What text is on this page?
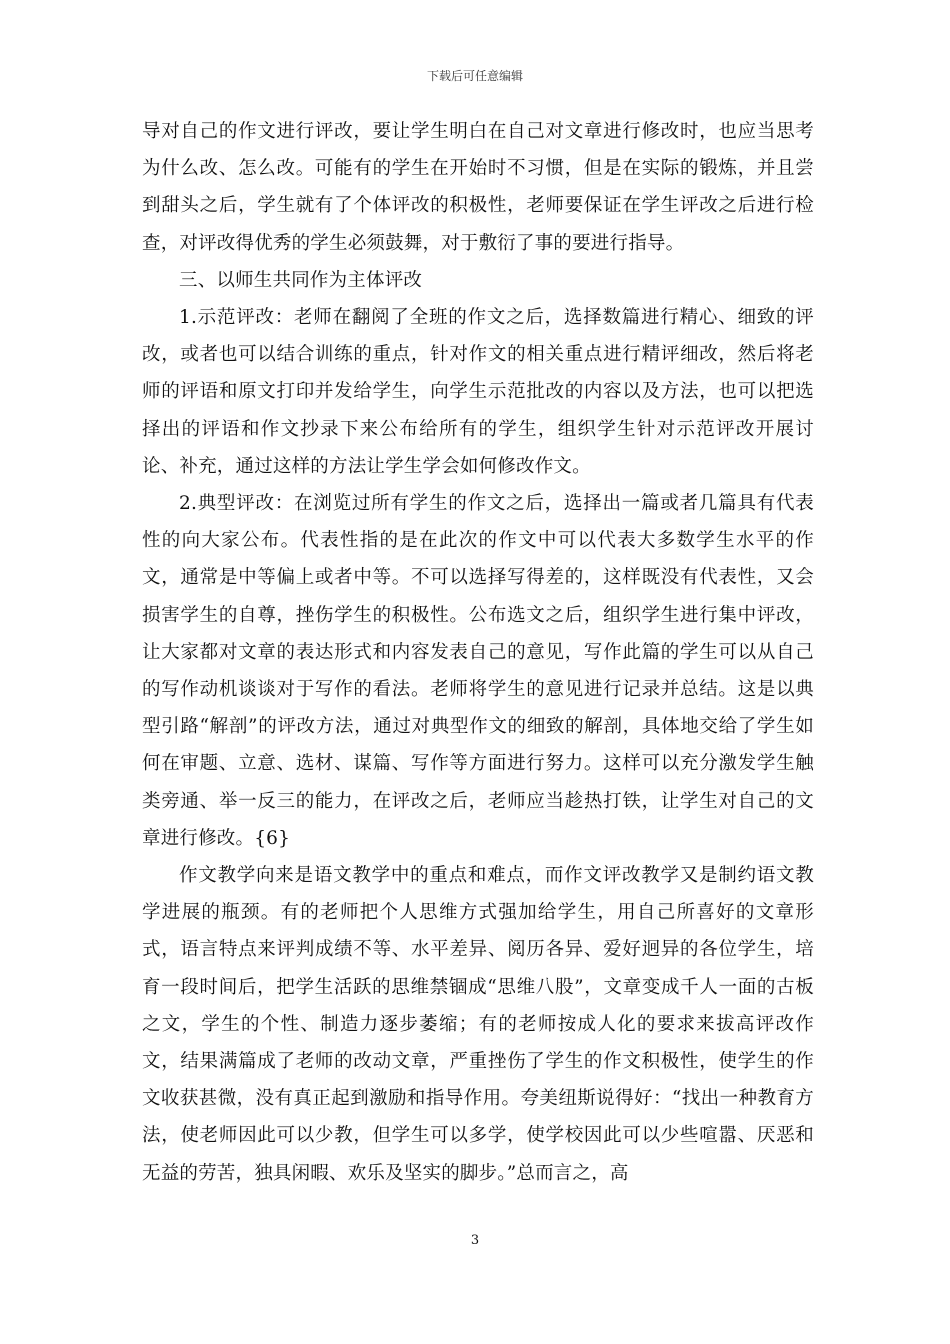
下载后可任意编辑

导对自己的作文进行评改，要让学生明白在自己对文章进行修改时，也应当思考为什么改、怎么改。可能有的学生在开始时不习惯，但是在实际的锻炼，并且尝到甜头之后，学生就有了个体评改的积极性，老师要保证在学生评改之后进行检查，对评改得优秀的学生必须鼓舞，对于敷衍了事的要进行指导。

三、以师生共同作为主体评改

1.示范评改：老师在翻阅了全班的作文之后，选择数篇进行精心、细致的评改，或者也可以结合训练的重点，针对作文的相关重点进行精评细改，然后将老师的评语和原文打印并发给学生，向学生示范批改的内容以及方法，也可以把选择出的评语和作文抄录下来公布给所有的学生，组织学生针对示范评改开展讨论、补充，通过这样的方法让学生学会如何修改作文。

2.典型评改：在浏览过所有学生的作文之后，选择出一篇或者几篇具有代表性的向大家公布。代表性指的是在此次的作文中可以代表大多数学生水平的作文，通常是中等偏上或者中等。不可以选择写得差的，这样既没有代表性，又会损害学生的自尊，挫伤学生的积极性。公布选文之后，组织学生进行集中评改，让大家都对文章的表达形式和内容发表自己的意见，写作此篇的学生可以从自己的写作动机谈谈对于写作的看法。老师将学生的意见进行记录并总结。这是以典型引路“解剖”的评改方法，通过对典型作文的细致的解剖，具体地交给了学生如何在审题、立意、选材、谋篇、写作等方面进行努力。这样可以充分激发学生触类旁通、举一反三的能力，在评改之后，老师应当趁热打铁，让学生对自己的文章进行修改。{6}

作文教学向来是语文教学中的重点和难点，而作文评改教学又是制约语文教学进展的瓶颈。有的老师把个人思维方式强加给学生，用自己所喜好的文章形式，语言特点来评判成绩不等、水平差异、阅历各异、爱好迥异的各位学生，培育一段时间后，把学生活跃的思维禁锢成“思维八股”，文章变成千人一面的古板之文，学生的个性、制造力逐步萎缩；有的老师按成人化的要求来拔高评改作文，结果满篇成了老师的改动文章，严重挫伤了学生的作文积极性，使学生的作文收获甚微，没有真正起到激励和指导作用。夸美纽斯说得好：“找出一种教育方法，使老师因此可以少教，但学生可以多学，使学校因此可以少些喧嚣、厌恶和无益的劳苦，独具闲暇、欢乐及坚实的脚步。”总而言之，高

3
